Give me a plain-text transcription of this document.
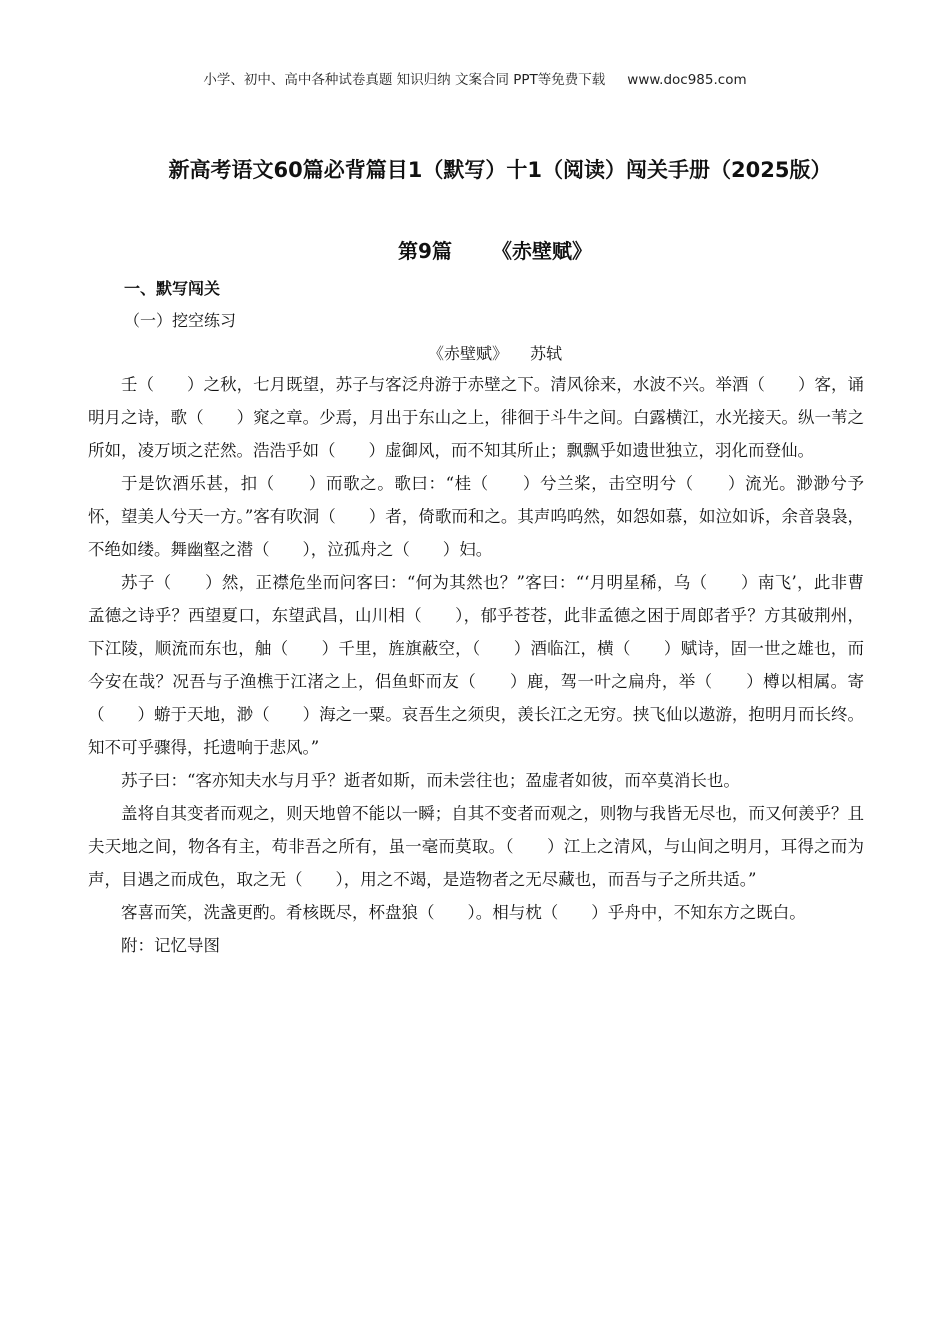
小学、初中、高中各种试卷真题 知识归纳 文案合同 PPT等免费下载 www.doc985.com
新高考语文60篇必背篇目1（默写）十1（阅读）闯关手册（2025版）
第9篇 《赤壁赋》
一、默写闯关
（一）挖空练习
《赤壁赋》 苏轼

壬（　　）之秋，七月既望，苏子与客泛舟游于赤壁之下。清风徐来，水波不兴。举酒（　　）客，诵明月之诗，歌（　　）窕之章。少焉，月出于东山之上，徘徊于斗牛之间。白露横江，水光接天。纵一苇之所如，凌万顷之茫然。浩浩乎如（　　）虚御风，而不知其所止；飘飘乎如遗世独立，羽化而登仙。

于是饮酒乐甚，扣（　　）而歌之。歌曰：“桂（　　）兮兰桨，击空明兮（　　）流光。渺渺兮予怀，望美人兮天一方。”客有吹洞（　　）者，倚歌而和之。其声呜呜然，如怨如慕，如泣如诉，余音袅袅，不绝如缕。舞幽壑之潜（　　），泣孤舟之（　　）妇。

苏子（　　）然，正襟危坐而问客曰：“何为其然也？”客曰：“‘月明星稀，乌（　　）南飞’，此非曹孟德之诗乎？西望夏口，东望武昌，山川相（　　），郁乎苍苍，此非孟德之困于周郎者乎？方其破荆州，下江陵，顺流而东也，舳（　　）千里，旌旗蔽空，（　　）酒临江，横（　　）赋诗，固一世之雄也，而今安在哉？况吾与子渔樵于江渚之上，侣鱼虾而友（　　）鹿，驾一叶之扁舟，举（　　）樽以相属。寄（　　）蝣于天地，渺（　　）海之一粟。哀吾生之须臾，羡长江之无穷。挟飞仙以遨游，抱明月而长终。知不可乎骤得，托遗响于悲风。”

苏子曰：“客亦知夫水与月乎？逝者如斯，而未尝往也；盈虚者如彼，而卒莫消长也。

盖将自其变者而观之，则天地曾不能以一瞬；自其不变者而观之，则物与我皆无尽也，而又何羡乎？且夫天地之间，物各有主，苟非吾之所有，虽一毫而莫取。（　　）江上之清风，与山间之明月，耳得之而为声，目遇之而成色，取之无（　　），用之不竭，是造物者之无尽藏也，而吾与子之所共适。”

客喜而笑，洗盏更酌。肴核既尽，杯盘狼（　　）。相与枕（　　）乎舟中，不知东方之既白。

附：记忆导图
